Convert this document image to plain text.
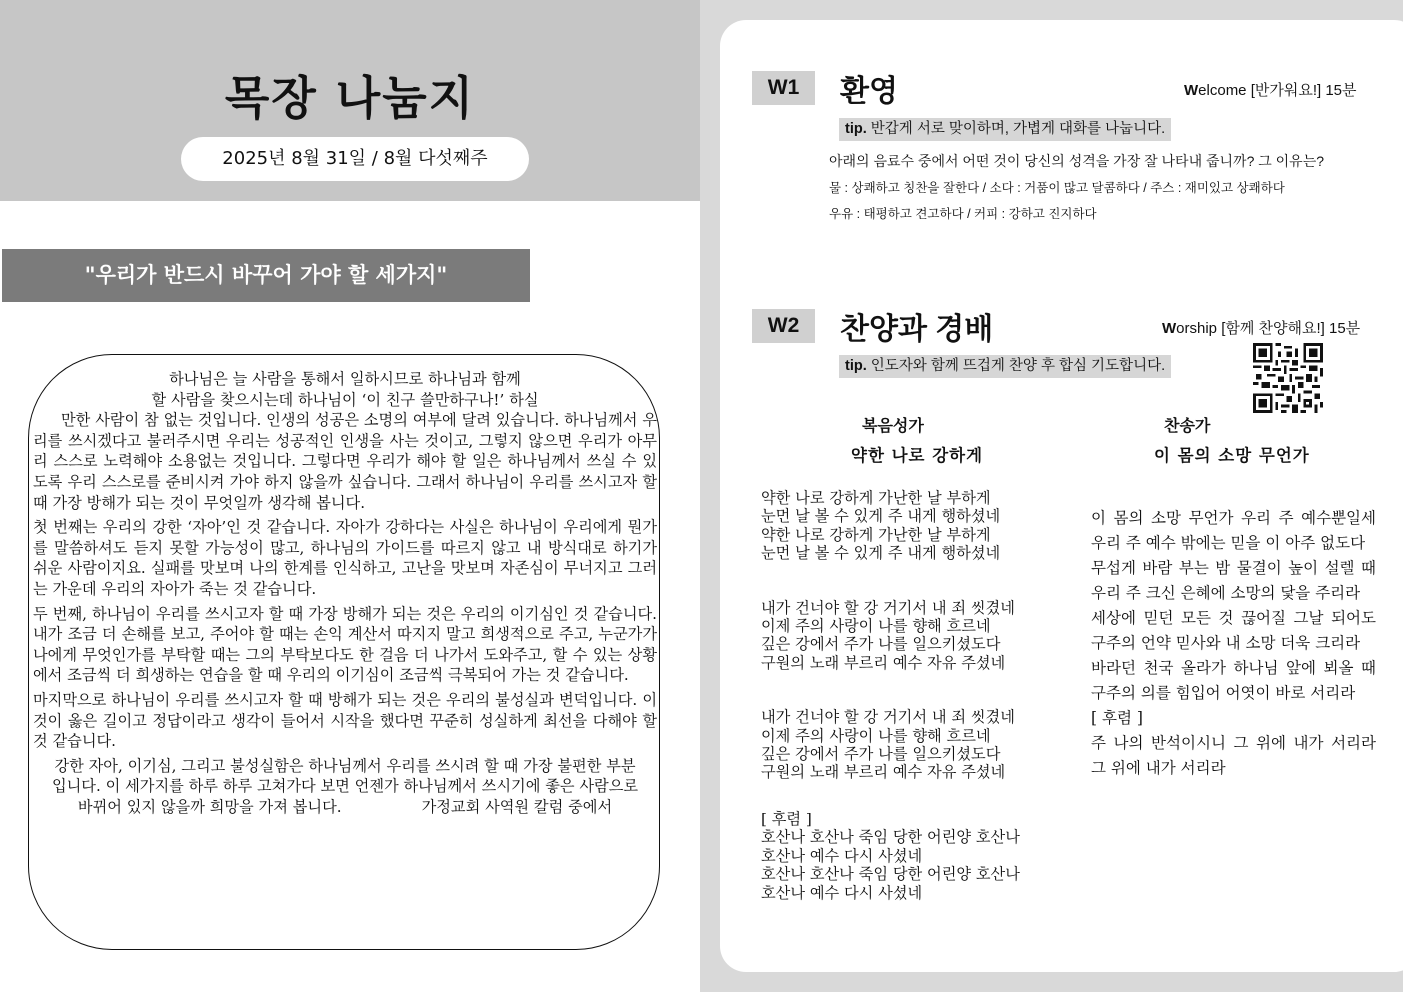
목장 나눔지
2025년 8월 31일 / 8월 다섯째주
"우리가 반드시 바꾸어 가야 할 세가지"

하나님은 늘 사람을 통해서 일하시므로 하나님과 함께

할 사람을 찾으시는데 하나님이 ‘이 친구 쓸만하구나!’ 하실

만한 사람이 참 없는 것입니다. 인생의 성공은 소명의 여부에 달려 있습니다. 하나님께서 우리를 쓰시겠다고 불러주시면 우리는 성공적인 인생을 사는 것이고, 그렇지 않으면 우리가 아무리 스스로 노력해야 소용없는 것입니다. 그렇다면 우리가 해야 할 일은 하나님께서 쓰실 수 있도록 우리 스스로를 준비시켜 가야 하지 않을까 싶습니다. 그래서 하나님이 우리를 쓰시고자 할 때 가장 방해가 되는 것이 무엇일까 생각해 봅니다.

첫 번째는 우리의 강한 ‘자아’인 것 같습니다. 자아가 강하다는 사실은 하나님이 우리에게 뭔가를 말씀하셔도 듣지 못할 가능성이 많고, 하나님의 가이드를 따르지 않고 내 방식대로 하기가 쉬운 사람이지요. 실패를 맛보며 나의 한계를 인식하고, 고난을 맛보며 자존심이 무너지고 그러는 가운데 우리의 자아가 죽는 것 같습니다.

두 번째, 하나님이 우리를 쓰시고자 할 때 가장 방해가 되는 것은 우리의 이기심인 것 같습니다. 내가 조금 더 손해를 보고, 주어야 할 때는 손익 계산서 따지지 말고 희생적으로 주고, 누군가가 나에게 무엇인가를 부탁할 때는 그의 부탁보다도 한 걸음 더 나가서 도와주고, 할 수 있는 상황에서 조금씩 더 희생하는 연습을 할 때 우리의 이기심이 조금씩 극복되어 가는 것 같습니다.

마지막으로 하나님이 우리를 쓰시고자 할 때 방해가 되는 것은 우리의 불성실과 변덕입니다. 이것이 옳은 길이고 정답이라고 생각이 들어서 시작을 했다면 꾸준히 성실하게 최선을 다해야 할 것 같습니다.

강한 자아, 이기심, 그리고 불성실함은 하나님께서 우리를 쓰시려 할 때 가장 불편한 부분입니다. 이 세가지를 하루 하루 고쳐가다 보면 언젠가 하나님께서 쓰시기에 좋은 사람으로 바뀌어 있지 않을까 희망을 가져 봅니다.	가정교회 사역원 칼럼 중에서

W1	환영	Welcome [반가워요!] 15분
tip. 반갑게 서로 맞이하며, 가볍게 대화를 나눕니다.
아래의 음료수 중에서 어떤 것이 당신의 성격을 가장 잘 나타내 줍니까? 그 이유는?
물 : 상쾌하고 칭찬을 잘한다 / 소다 : 거품이 많고 달콤하다 / 주스 : 재미있고 상쾌하다
우유 : 태평하고 견고하다 / 커피 : 강하고 진지하다
W2	찬양과 경배	Worship [함께 찬양해요!] 15분
tip. 인도자와 함께 뜨겁게 찬양 후 합심 기도합니다.
복음성가	찬송가
약한 나로 강하게	이 몸의 소망 무언가
약한 나로 강하게 가난한 날 부하게
눈먼 날 볼 수 있게 주 내게 행하셨네
약한 나로 강하게 가난한 날 부하게
눈먼 날 볼 수 있게 주 내게 행하셨네
내가 건너야 할 강 거기서 내 죄 씻겼네
이제 주의 사랑이 나를 향해 흐르네
깊은 강에서 주가 나를 일으키셨도다
구원의 노래 부르리 예수 자유 주셨네
내가 건너야 할 강 거기서 내 죄 씻겼네
이제 주의 사랑이 나를 향해 흐르네
깊은 강에서 주가 나를 일으키셨도다
구원의 노래 부르리 예수 자유 주셨네
[ 후렴 ]
호산나 호산나 죽임 당한 어린양 호산나
호산나 예수 다시 사셨네
호산나 호산나 죽임 당한 어린양 호산나
호산나 예수 다시 사셨네
이 몸의 소망 무언가 우리 주 예수뿐일세 우리 주 예수 밖에는 믿을 이 아주 없도다
무섭게 바람 부는 밤 물결이 높이 설렐 때 우리 주 크신 은혜에 소망의 닻을 주리라
세상에 믿던 모든 것 끊어질 그날 되어도 구주의 언약 믿사와 내 소망 더욱 크리라
바라던 천국 올라가 하나님 앞에 뵈올 때 구주의 의를 힘입어 어엿이 바로 서리라
[ 후렴 ]
주 나의 반석이시니 그 위에 내가 서리라 그 위에 내가 서리라
